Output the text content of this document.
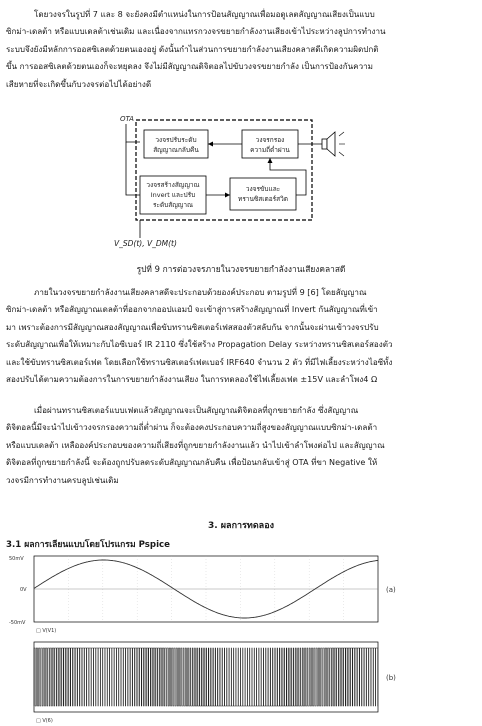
โดยวงจรในรูปที่ 7 และ 8 จะยังคงมีตำแหน่งในการป้อนสัญญาณเพื่อมอดูเลตสัญญาณเสียงเป็นแบบ
ซิกม่า-เดลต้า หรือแบบเดลต้าเช่นเดิม และเนื่องจากแทรกวงจรขยายกำลังงานเสียงเข้าไประหว่างลูปการทำงาน
ระบบจึงยังมีหลักการออสซิเลตด้วยตนเองอยู่ ดังนั้นกำไนส่วนการขยายกำลังงานเสียงคลาสดีเกิดความผิดปกติ
ขึ้น การออสซิเลตด้วยตนเองก็จะหยุดลง จึงไม่มีสัญญาณดิจิตอลไปขับวงจรขยายกำลัง เป็นการป้องกันความ
เสียหายที่จะเกิดขึ้นกับวงจรต่อไปได้อย่างดี
OTA
วงจรปรับระดับ
สัญญาณกลับคืน
วงจรกรอง
ความถี่ต่ำผ่าน
วงจรสร้างสัญญาณ
Invert และปรับ
ระดับสัญญาณ
วงจรขับและ
ทรานซิสเตอร์สวิต
V_SD(t), V_DM(t)
รูปที่ 9 การต่อวงจรภายในวงจรขยายกำลังงานเสียงคลาสดี
ภายในวงจรขยายกำลังงานเสียงคลาสดีจะประกอบด้วยองค์ประกอบ ตามรูปที่ 9 [6] โดยสัญญาณ
ซิกม่า-เดลต้า หรือสัญญาณเดลต้าที่ออกจากออปแอมป์ จะเข้าสู่การสร้างสัญญาณที่ Invert กันสัญญาณที่เข้า
มา เพราะต้องการมีสัญญาณสองสัญญาณเพื่อขับทรานซิสเตอร์เฟสสองตัวสลับกัน จากนั้นจะผ่านเข้าวงจรปรับ
ระดับสัญญาณเพื่อให้เหมาะกับไอซีเบอร์ IR 2110 ซึ่งใช้สร้าง Propagation Delay ระหว่างทรานซิสเตอร์สองตัว
และใช้ขับทรานซิสเตอร์เฟต โดยเลือกใช้ทรานซิสเตอร์เฟตเบอร์ IRF640 จำนวน 2 ตัว ที่มีไฟเลี้ยงระหว่างไอซีทั้ง
สองปรับได้ตามความต้องการในการขยายกำลังงานเสียง ในการทดลองใช้ไฟเลี้ยงเฟต ±15V และลำโพง4 Ω
เมื่อผ่านทรานซิสเตอร์แบบเฟตแล้วสัญญาณจะเป็นสัญญาณดิจิตอลที่ถูกขยายกำลัง ซึ่งสัญญาณ
ดิจิตอลนี้มีจะนำไปเข้าวงจรกรองความถี่ต่ำผ่าน ก็จะต้องคงประกอบความถี่สูงของสัญญาณแบบซิกม่า-เดลต้า
หรือแบบเดลต้า เหลือองค์ประกอบของความถี่เสียงที่ถูกขยายกำลังงานแล้ว นำไปเข้าลำโพงต่อไป และสัญญาณ
ดิจิตอลที่ถูกขยายกำลังนี้ จะต้องถูกปรับลดระดับสัญญาณกลับคืน เพื่อป้อนกลับเข้าสู่ OTA ที่ขา Negative ให้
วงจรมีการทำงานครบลูปเช่นเดิม
3. ผลการทดลอง
3.1 ผลการเลียนแบบโดยโปรแกรม Pspice
50mV
0V
-50mV
□ V(V1)
(a)
□ V(6)
(b)
